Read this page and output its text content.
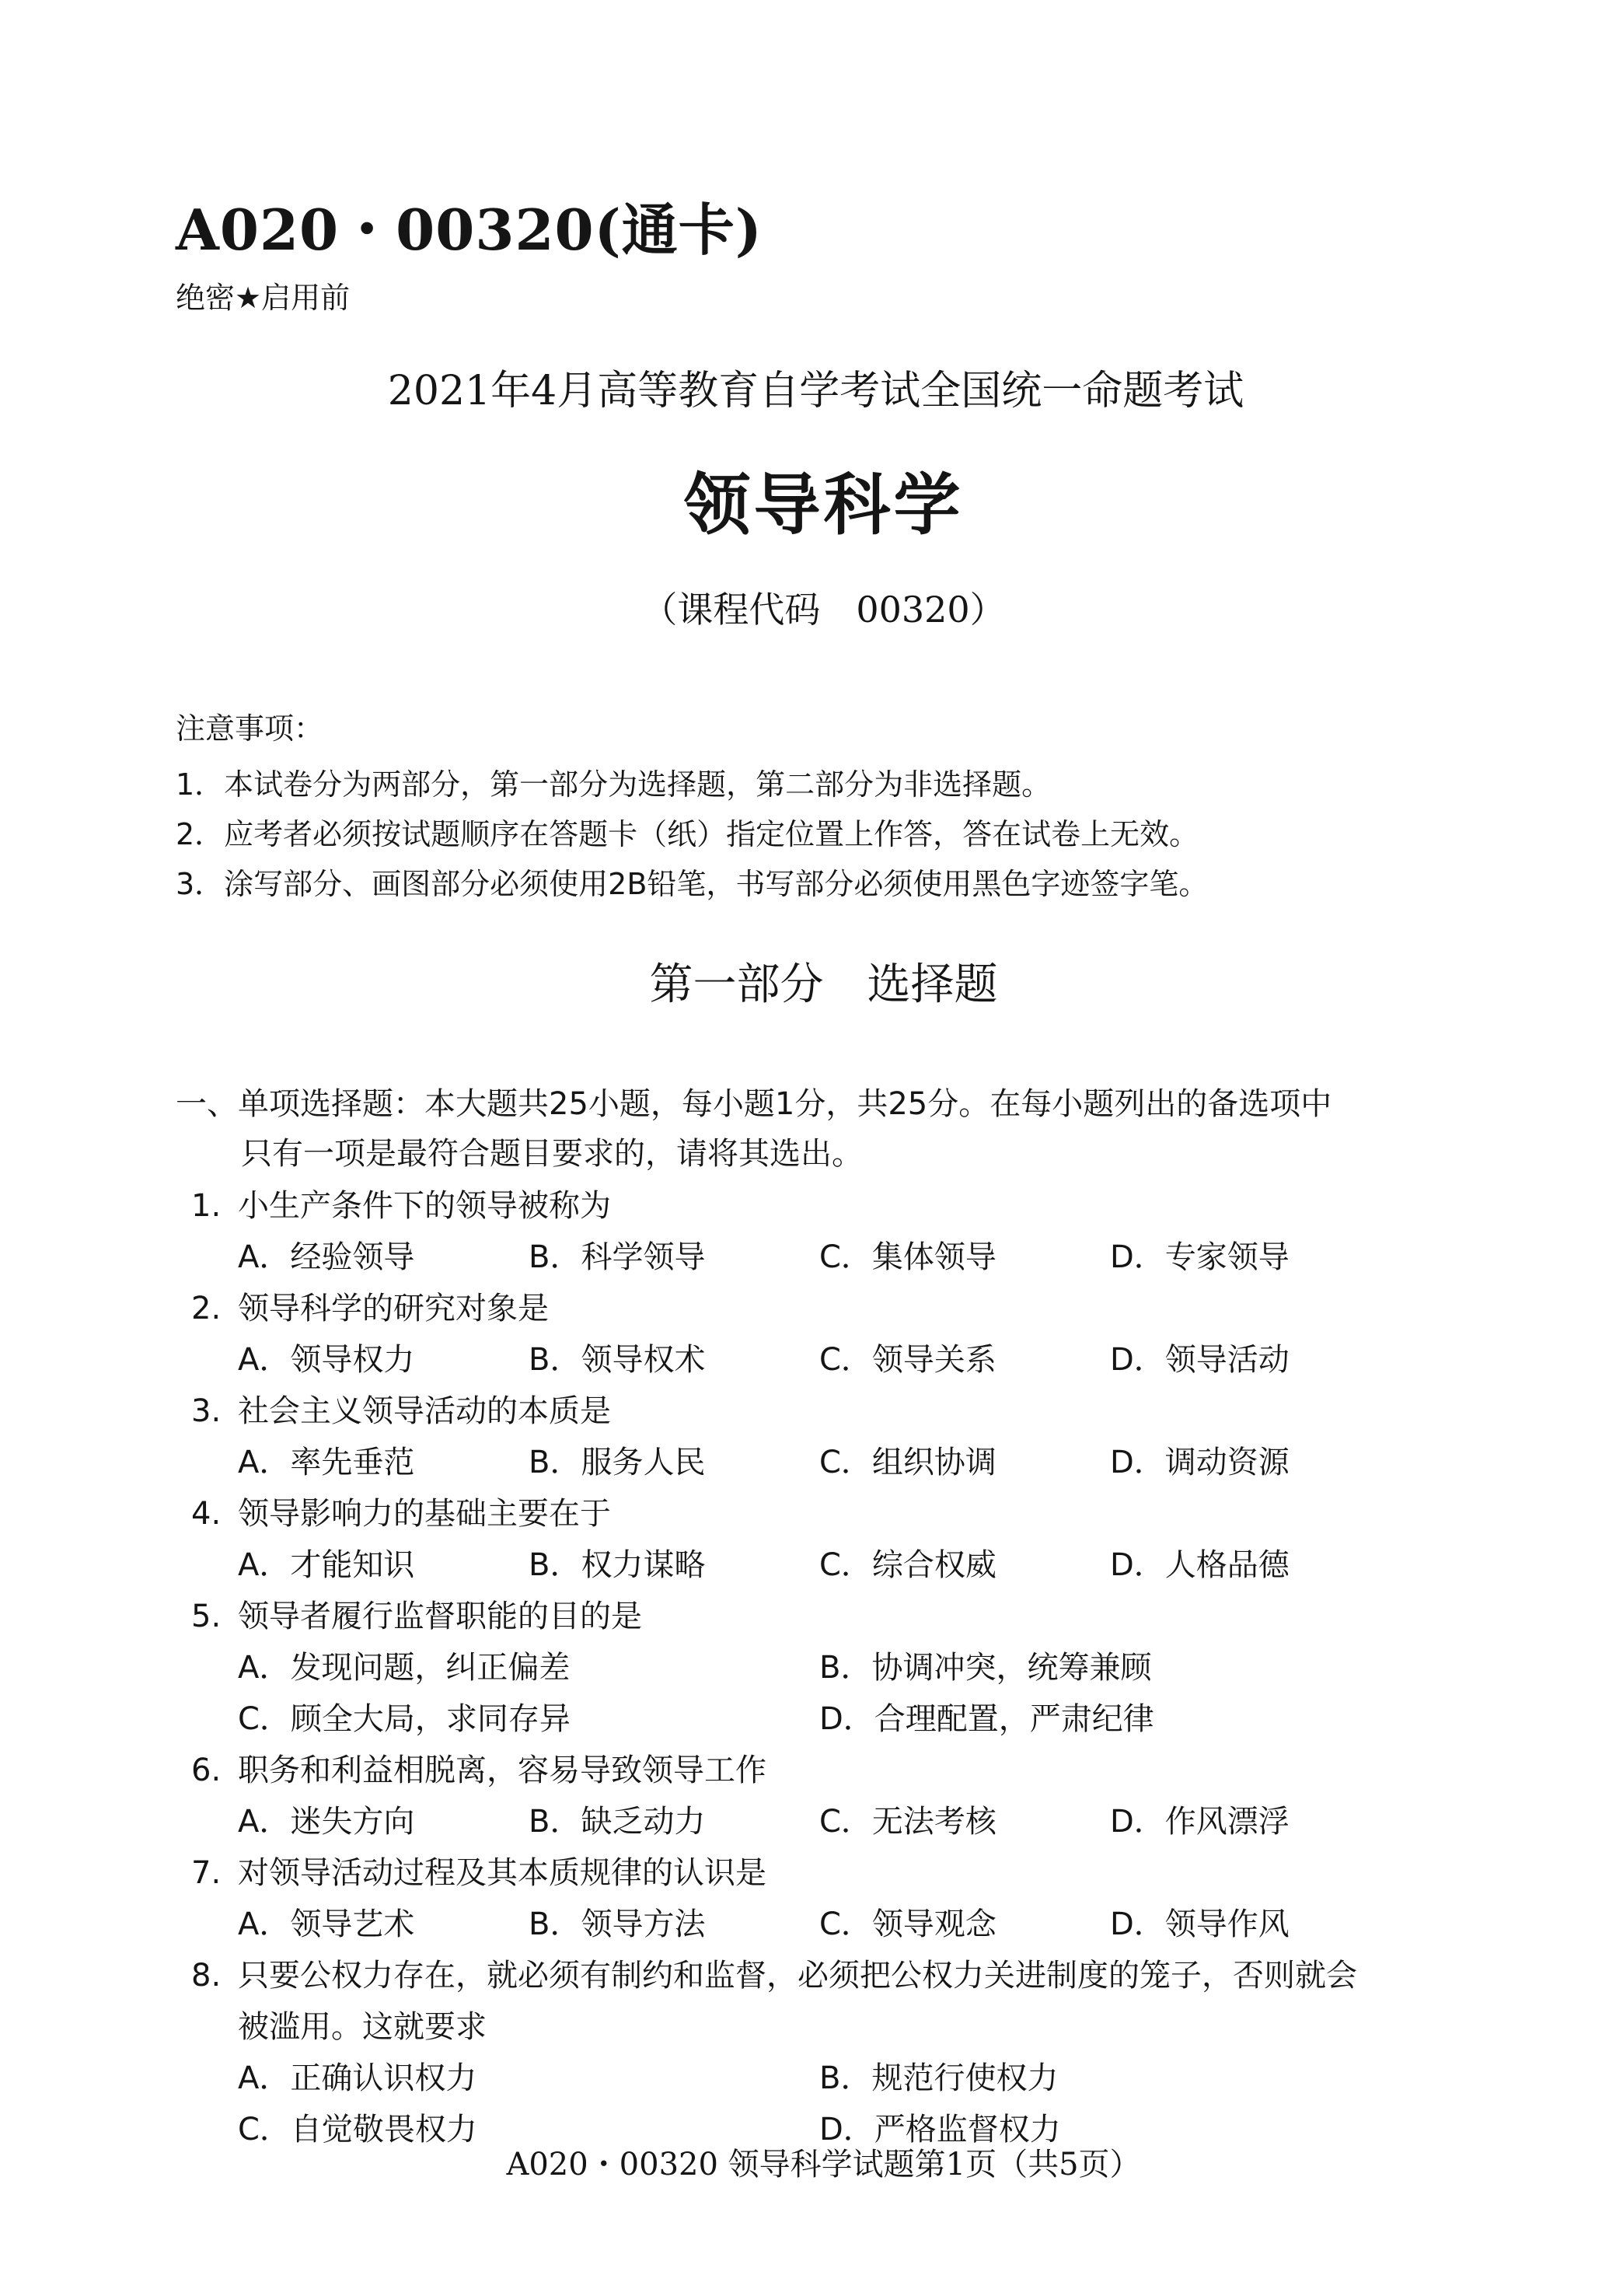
A020・00320(通卡)
绝密★启用前
2021年4月高等教育自学考试全国统一命题考试
领导科学
（课程代码　00320）
注意事项：
1．本试卷分为两部分，第一部分为选择题，第二部分为非选择题。
2．应考者必须按试题顺序在答题卡（纸）指定位置上作答，答在试卷上无效。
3．涂写部分、画图部分必须使用2B铅笔，书写部分必须使用黑色字迹签字笔。
第一部分　选择题
一、单项选择题：本大题共25小题，每小题1分，共25分。在每小题列出的备选项中
只有一项是最符合题目要求的，请将其选出。
1. 小生产条件下的领导被称为
A．经验领导	B．科学领导	C．集体领导	D．专家领导
2. 领导科学的研究对象是
A．领导权力	B．领导权术	C．领导关系	D．领导活动
3. 社会主义领导活动的本质是
A．率先垂范	B．服务人民	C．组织协调	D．调动资源
4. 领导影响力的基础主要在于
A．才能知识	B．权力谋略	C．综合权威	D．人格品德
5. 领导者履行监督职能的目的是
A．发现问题，纠正偏差	B．协调冲突，统筹兼顾
C．顾全大局，求同存异	D．合理配置，严肃纪律
6. 职务和利益相脱离，容易导致领导工作
A．迷失方向	B．缺乏动力	C．无法考核	D．作风漂浮
7. 对领导活动过程及其本质规律的认识是
A．领导艺术	B．领导方法	C．领导观念	D．领导作风
8. 只要公权力存在，就必须有制约和监督，必须把公权力关进制度的笼子，否则就会
被滥用。这就要求
A．正确认识权力	B．规范行使权力
C．自觉敬畏权力	D．严格监督权力
A020・00320 领导科学试题第1页（共5页）
